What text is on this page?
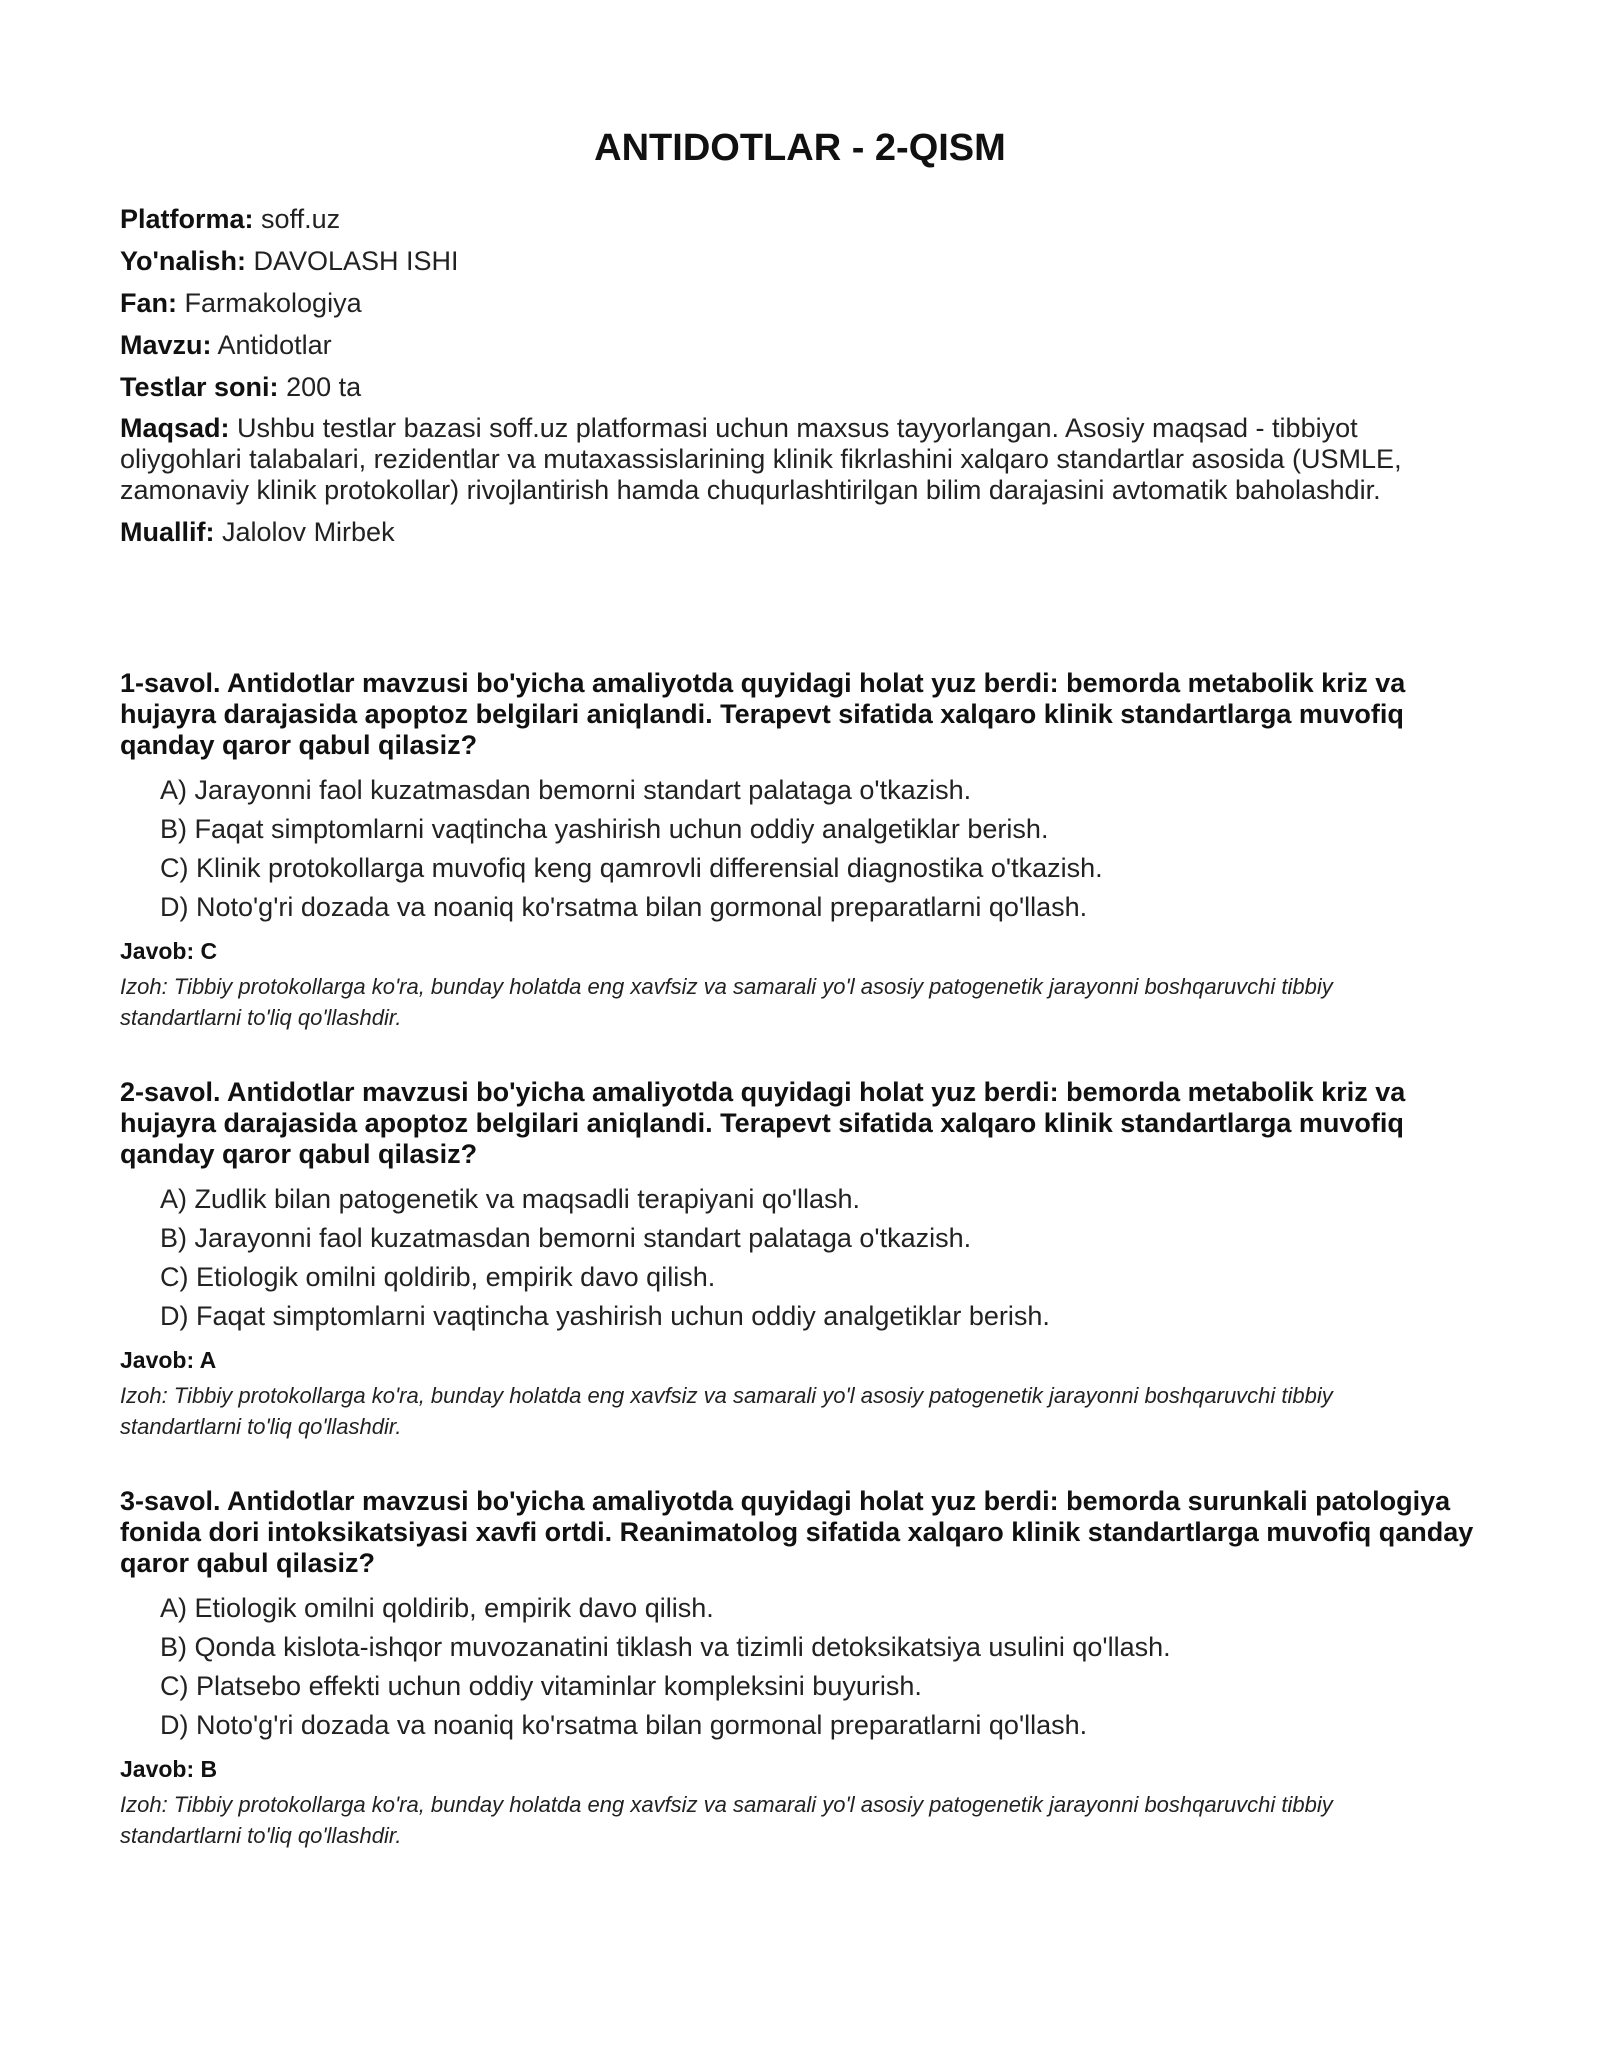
ANTIDOTLAR - 2-QISM

Platforma: soff.uz

Yo'nalish: DAVOLASH ISHI

Fan: Farmakologiya

Mavzu: Antidotlar

Testlar soni: 200 ta

Maqsad: Ushbu testlar bazasi soff.uz platformasi uchun maxsus tayyorlangan. Asosiy maqsad - tibbiyot oliygohlari talabalari, rezidentlar va mutaxassislarining klinik fikrlashini xalqaro standartlar asosida (USMLE, zamonaviy klinik protokollar) rivojlantirish hamda chuqurlashtirilgan bilim darajasini avtomatik baholashdir.

Muallif: Jalolov Mirbek

1-savol. Antidotlar mavzusi bo'yicha amaliyotda quyidagi holat yuz berdi: bemorda metabolik kriz va hujayra darajasida apoptoz belgilari aniqlandi. Terapevt sifatida xalqaro klinik standartlarga muvofiq qanday qaror qabul qilasiz?

A) Jarayonni faol kuzatmasdan bemorni standart palataga o'tkazish.
B) Faqat simptomlarni vaqtincha yashirish uchun oddiy analgetiklar berish.
C) Klinik protokollarga muvofiq keng qamrovli differensial diagnostika o'tkazish.
D) Noto'g'ri dozada va noaniq ko'rsatma bilan gormonal preparatlarni qo'llash.

Javob: C

Izoh: Tibbiy protokollarga ko'ra, bunday holatda eng xavfsiz va samarali yo'l asosiy patogenetik jarayonni boshqaruvchi tibbiy standartlarni to'liq qo'llashdir.

2-savol. Antidotlar mavzusi bo'yicha amaliyotda quyidagi holat yuz berdi: bemorda metabolik kriz va hujayra darajasida apoptoz belgilari aniqlandi. Terapevt sifatida xalqaro klinik standartlarga muvofiq qanday qaror qabul qilasiz?

A) Zudlik bilan patogenetik va maqsadli terapiyani qo'llash.
B) Jarayonni faol kuzatmasdan bemorni standart palataga o'tkazish.
C) Etiologik omilni qoldirib, empirik davo qilish.
D) Faqat simptomlarni vaqtincha yashirish uchun oddiy analgetiklar berish.

Javob: A

Izoh: Tibbiy protokollarga ko'ra, bunday holatda eng xavfsiz va samarali yo'l asosiy patogenetik jarayonni boshqaruvchi tibbiy standartlarni to'liq qo'llashdir.

3-savol. Antidotlar mavzusi bo'yicha amaliyotda quyidagi holat yuz berdi: bemorda surunkali patologiya fonida dori intoksikatsiyasi xavfi ortdi. Reanimatolog sifatida xalqaro klinik standartlarga muvofiq qanday qaror qabul qilasiz?

A) Etiologik omilni qoldirib, empirik davo qilish.
B) Qonda kislota-ishqor muvozanatini tiklash va tizimli detoksikatsiya usulini qo'llash.
C) Platsebo effekti uchun oddiy vitaminlar kompleksini buyurish.
D) Noto'g'ri dozada va noaniq ko'rsatma bilan gormonal preparatlarni qo'llash.

Javob: B

Izoh: Tibbiy protokollarga ko'ra, bunday holatda eng xavfsiz va samarali yo'l asosiy patogenetik jarayonni boshqaruvchi tibbiy standartlarni to'liq qo'llashdir.
